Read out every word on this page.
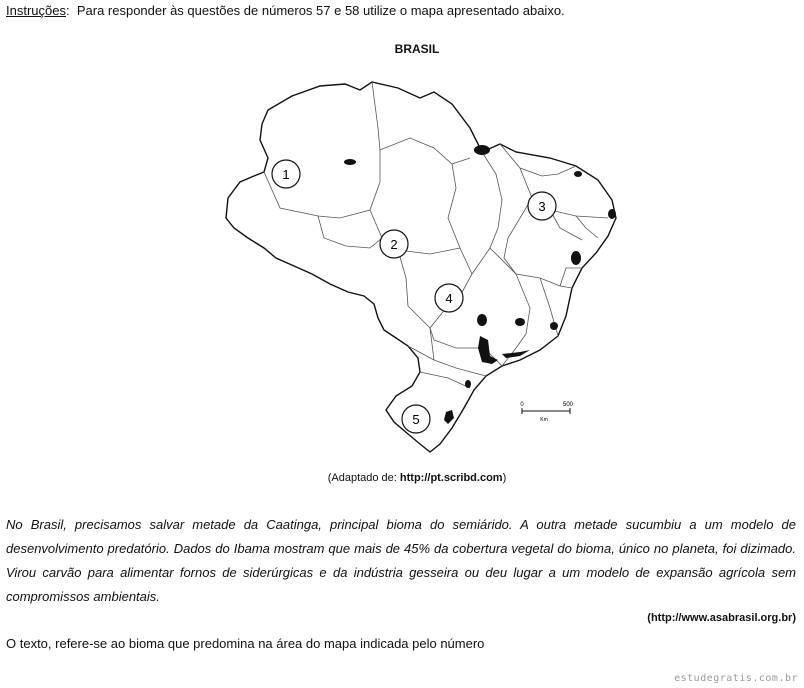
Instruções: Para responder às questões de números 57 e 58 utilize o mapa apresentado abaixo.
BRASIL
1
2
3
4
5
0	500
Km
(Adaptado de: http://pt.scribd.com)
No Brasil, precisamos salvar metade da Caatinga, principal bioma do semiárido. A outra metade sucumbiu a um modelo de desenvolvimento predatório. Dados do Ibama mostram que mais de 45% da cobertura vegetal do bioma, único no planeta, foi dizimado. Virou carvão para alimentar fornos de siderúrgicas e da indústria gesseira ou deu lugar a um modelo de expansão agrícola sem compromissos ambientais.
(http://www.asabrasil.org.br)
O texto, refere-se ao bioma que predomina na área do mapa indicada pelo número
estudegratis.com.br
